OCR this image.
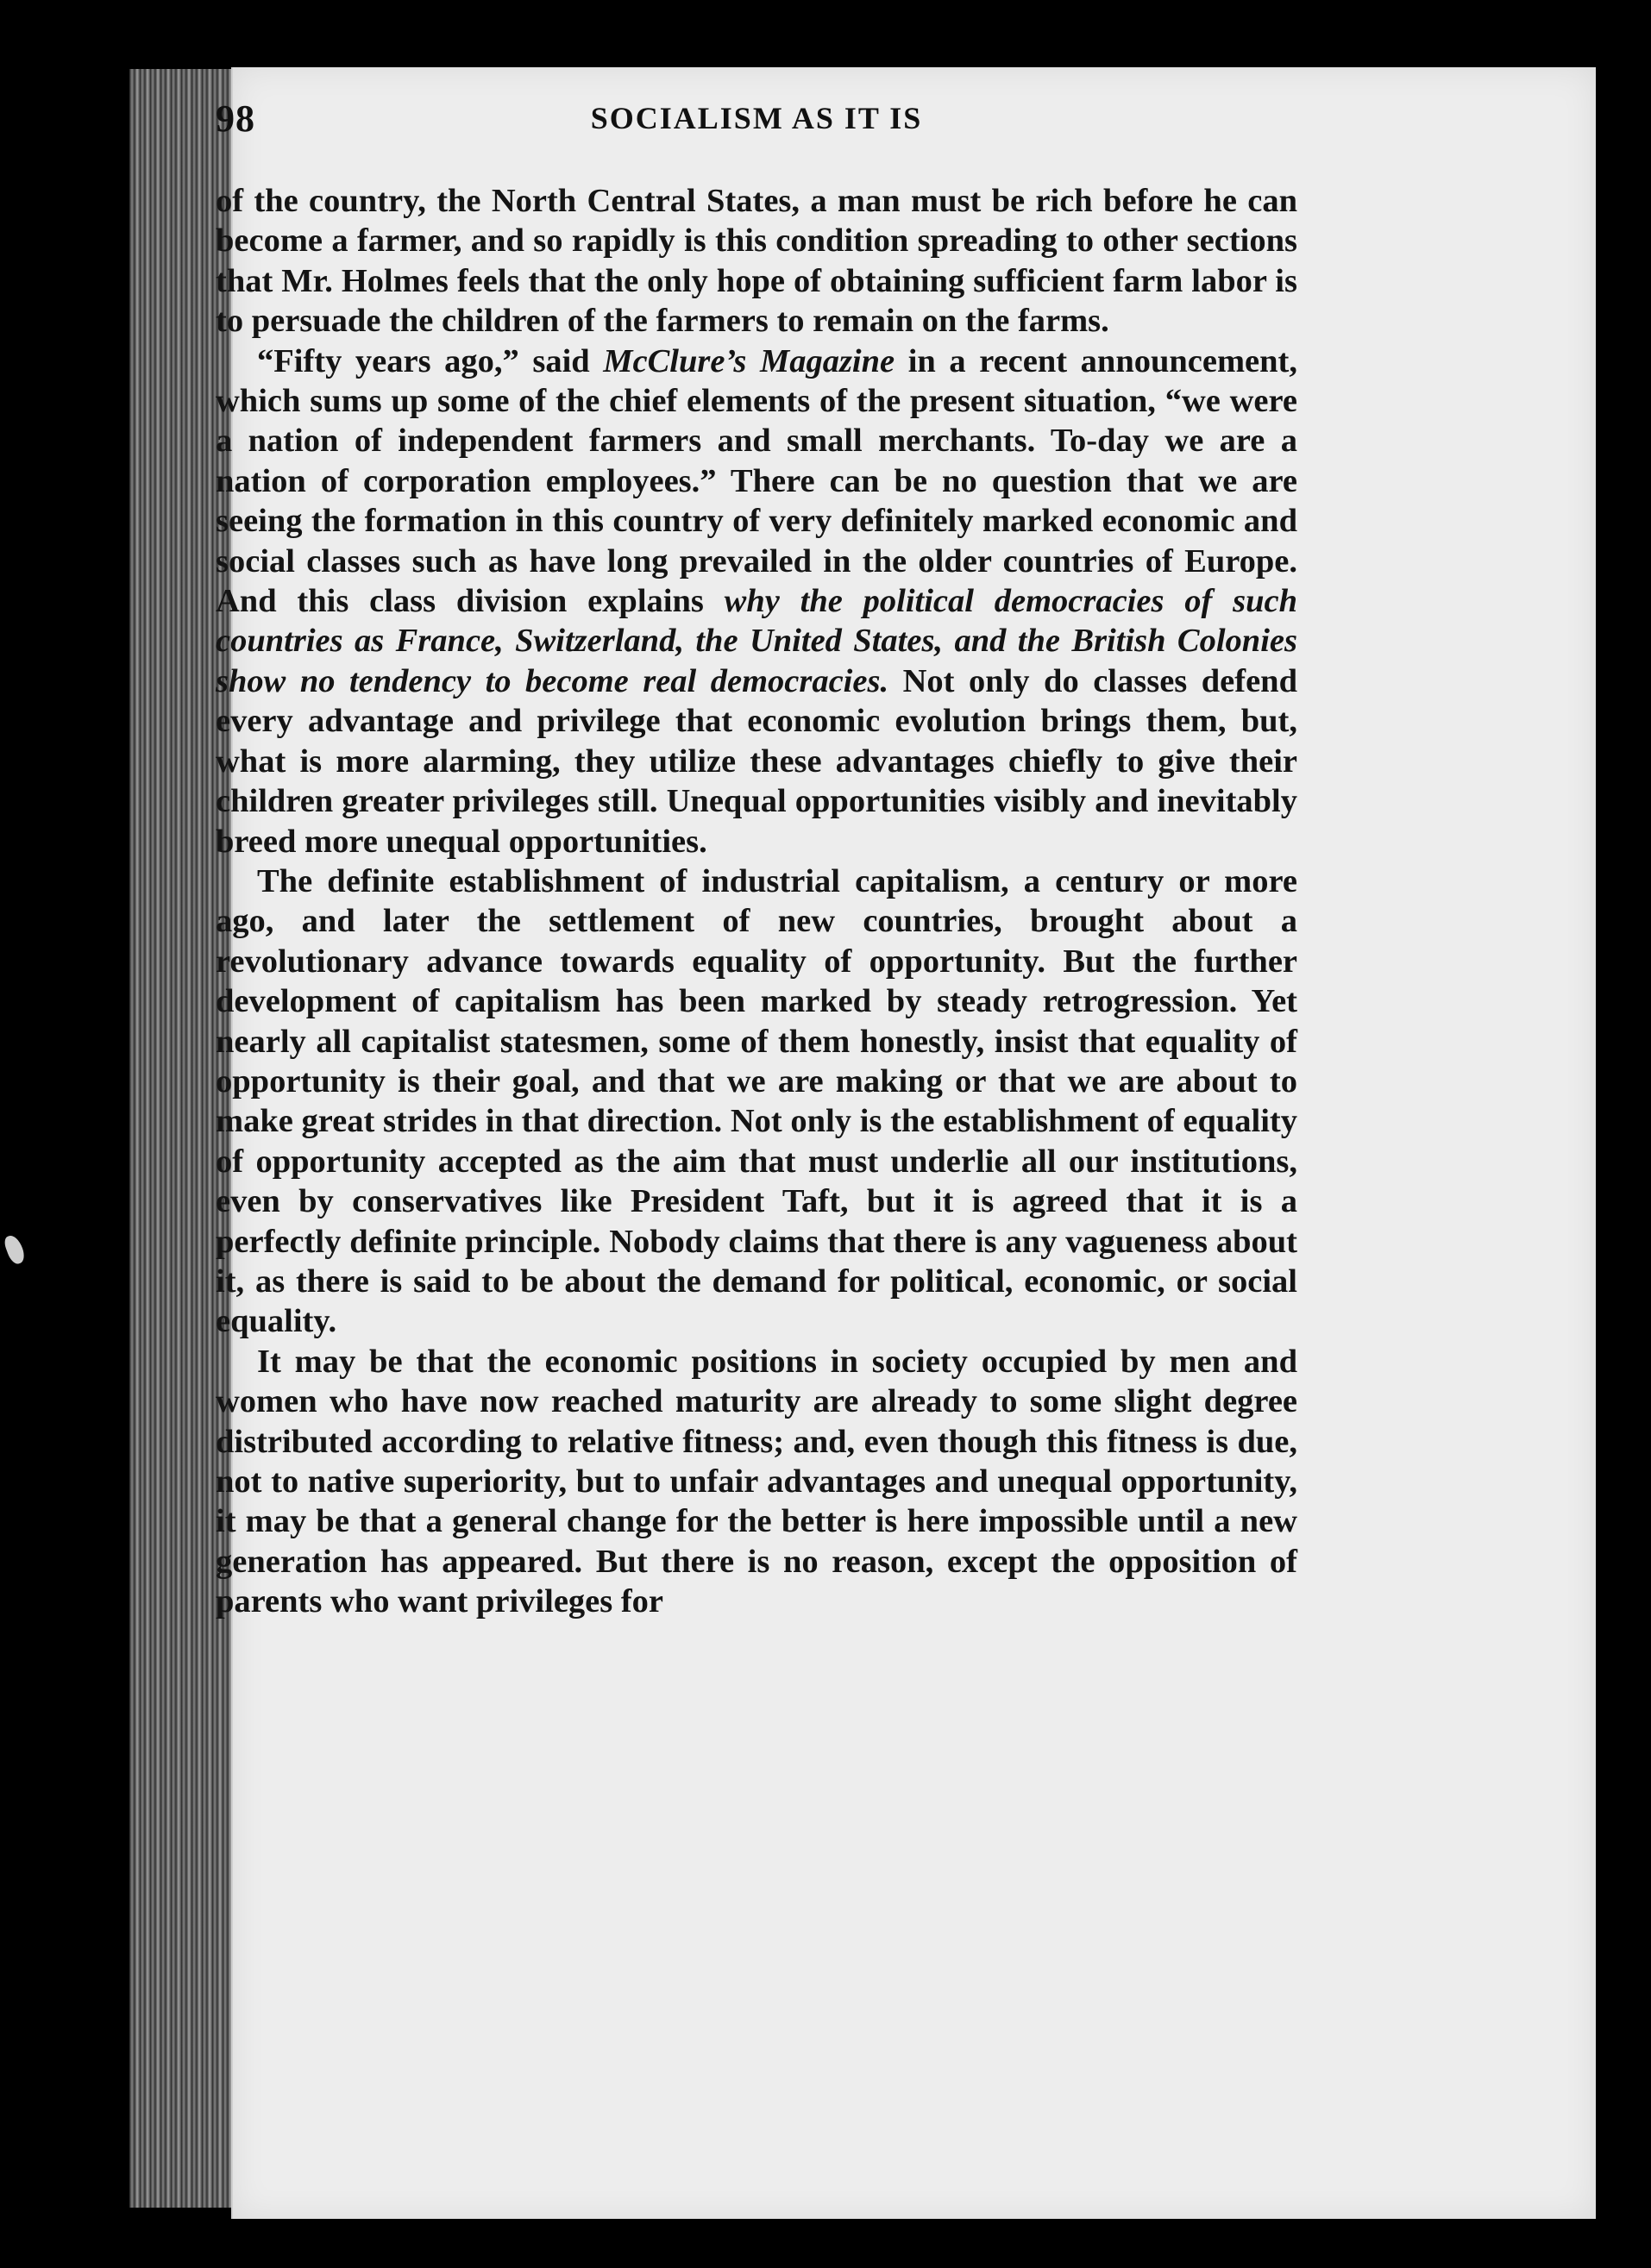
98	SOCIALISM AS IT IS

of the country, the North Central States, a man must be rich before he can become a farmer, and so rapidly is this condition spreading to other sections that Mr. Holmes feels that the only hope of obtaining sufficient farm labor is to persuade the children of the farmers to remain on the farms.

“Fifty years ago,” said McClure’s Magazine in a recent announcement, which sums up some of the chief elements of the present situation, “we were a nation of independent farmers and small merchants. To-day we are a nation of corporation employees.” There can be no question that we are seeing the formation in this country of very definitely marked economic and social classes such as have long prevailed in the older countries of Europe. And this class division explains why the political democracies of such countries as France, Switzerland, the United States, and the British Colonies show no tendency to become real democracies. Not only do classes defend every advantage and privilege that economic evolution brings them, but, what is more alarming, they utilize these advantages chiefly to give their children greater privileges still. Unequal opportunities visibly and inevitably breed more unequal opportunities.

The definite establishment of industrial capitalism, a century or more ago, and later the settlement of new countries, brought about a revolutionary advance towards equality of opportunity. But the further development of capitalism has been marked by steady retrogression. Yet nearly all capitalist statesmen, some of them honestly, insist that equality of opportunity is their goal, and that we are making or that we are about to make great strides in that direction. Not only is the establishment of equality of opportunity accepted as the aim that must underlie all our institutions, even by conservatives like President Taft, but it is agreed that it is a perfectly definite principle. Nobody claims that there is any vagueness about it, as there is said to be about the demand for political, economic, or social equality.

It may be that the economic positions in society occupied by men and women who have now reached maturity are already to some slight degree distributed according to relative fitness; and, even though this fitness is due, not to native superiority, but to unfair advantages and unequal opportunity, it may be that a general change for the better is here impossible until a new generation has appeared. But there is no reason, except the opposition of parents who want privileges for
